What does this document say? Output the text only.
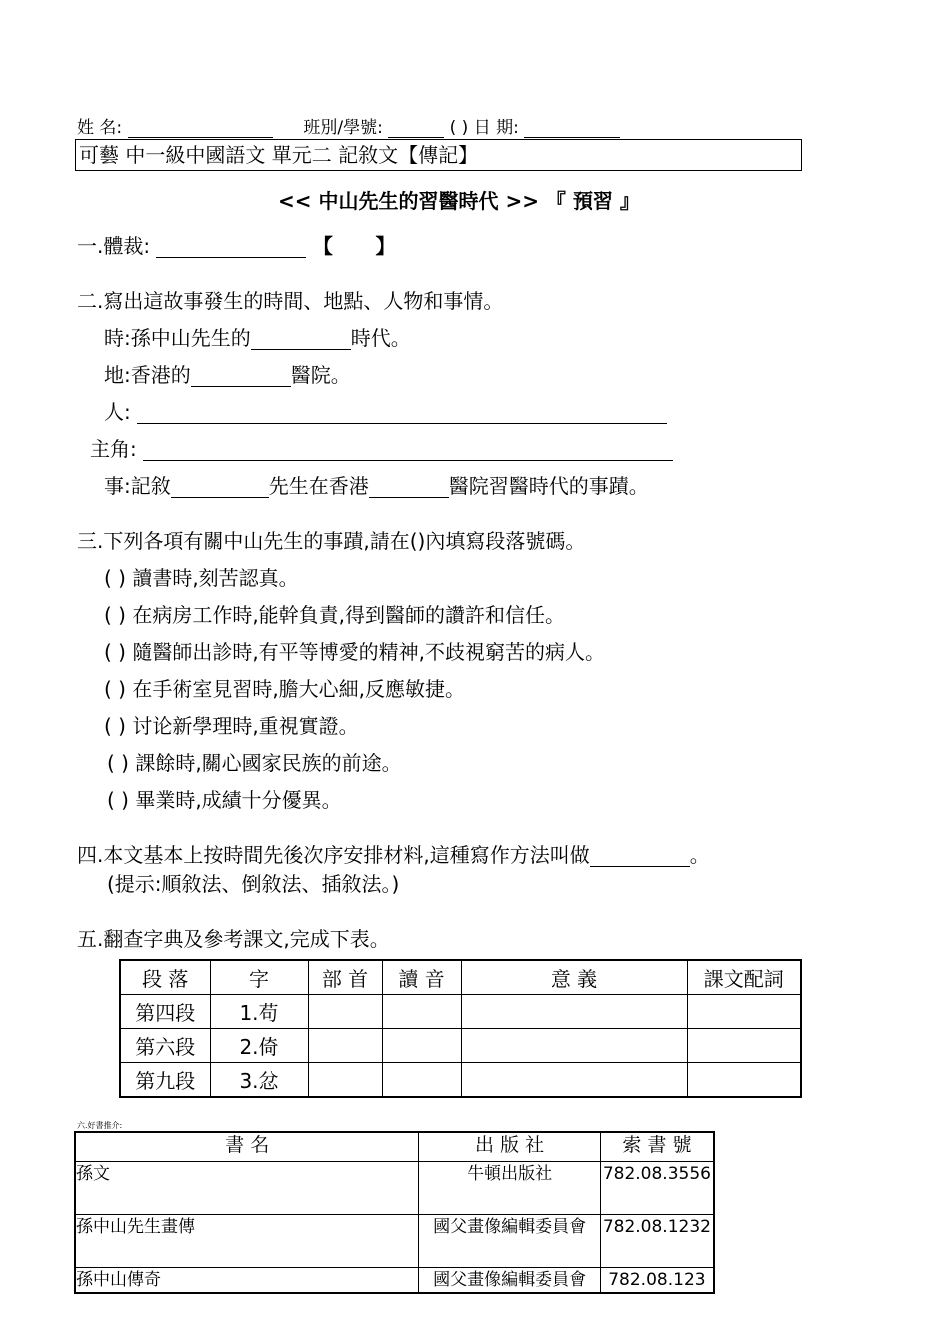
姓 名:	班別/學號:	( ) 日 期:
可藝 中一級中國語文 單元二 記敘文【傳記】
<< 中山先生的習醫時代 >> 『 預習 』
一.體裁:	【 】
二.寫出這故事發生的時間、地點、人物和事情。
時:孫中山先生的	時代。
地:香港的	醫院。
人:
主角:
事:記敘	先生在香港	醫院習醫時代的事蹟。
三.下列各項有關中山先生的事蹟,請在()內填寫段落號碼。
( ) 讀書時,刻苦認真。
( ) 在病房工作時,能幹負責,得到醫師的讚許和信任。
( ) 隨醫師出診時,有平等博愛的精神,不歧視窮苦的病人。
( ) 在手術室見習時,膽大心細,反應敏捷。
( ) 讨论新學理時,重視實證。
( ) 課餘時,關心國家民族的前途。
( ) 畢業時,成績十分優異。
四.本文基本上按時間先後次序安排材料,這種寫作方法叫做	。
(提示:順敘法、倒敘法、插敘法。)
五.翻查字典及參考課文,完成下表。
段 落	字	部 首	讀 音	意 義	課文配詞
第四段	1.苟				
第六段	2.倚				
第九段	3.忿				
六.好書推介:
書 名	出 版 社	索 書 號
孫文	牛頓出版社	782.08.3556
孫中山先生畫傳	國父畫像編輯委員會	782.08.1232
孫中山傳奇	國父畫像編輯委員會	782.08.123
